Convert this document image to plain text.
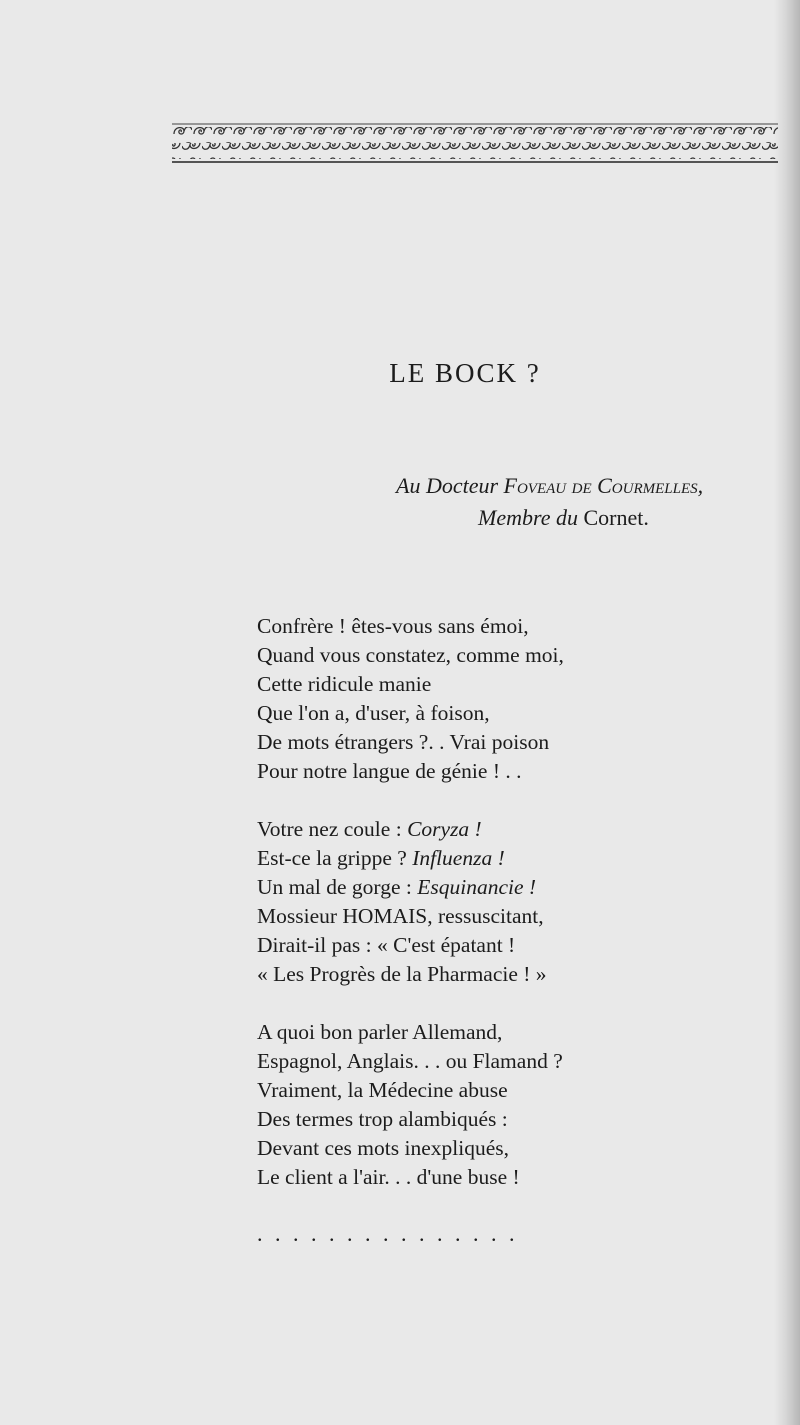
LE BOCK ?
Au Docteur Foveau de Courmelles,
Membre du Cornet.
Confrère ! êtes-vous sans émoi,
Quand vous constatez, comme moi,
Cette ridicule manie
Que l'on a, d'user, à foison,
De mots étrangers ?. . Vrai poison
Pour notre langue de génie ! . .
Votre nez coule : Coryza !
Est-ce la grippe ? Influenza !
Un mal de gorge : Esquinancie !
Mossieur HOMAIS, ressuscitant,
Dirait-il pas : « C'est épatant !
« Les Progrès de la Pharmacie ! »
A quoi bon parler Allemand,
Espagnol, Anglais. . . ou Flamand ?
Vraiment, la Médecine abuse
Des termes trop alambiqués :
Devant ces mots inexpliqués,
Le client a l'air. . . d'une buse !
...............
